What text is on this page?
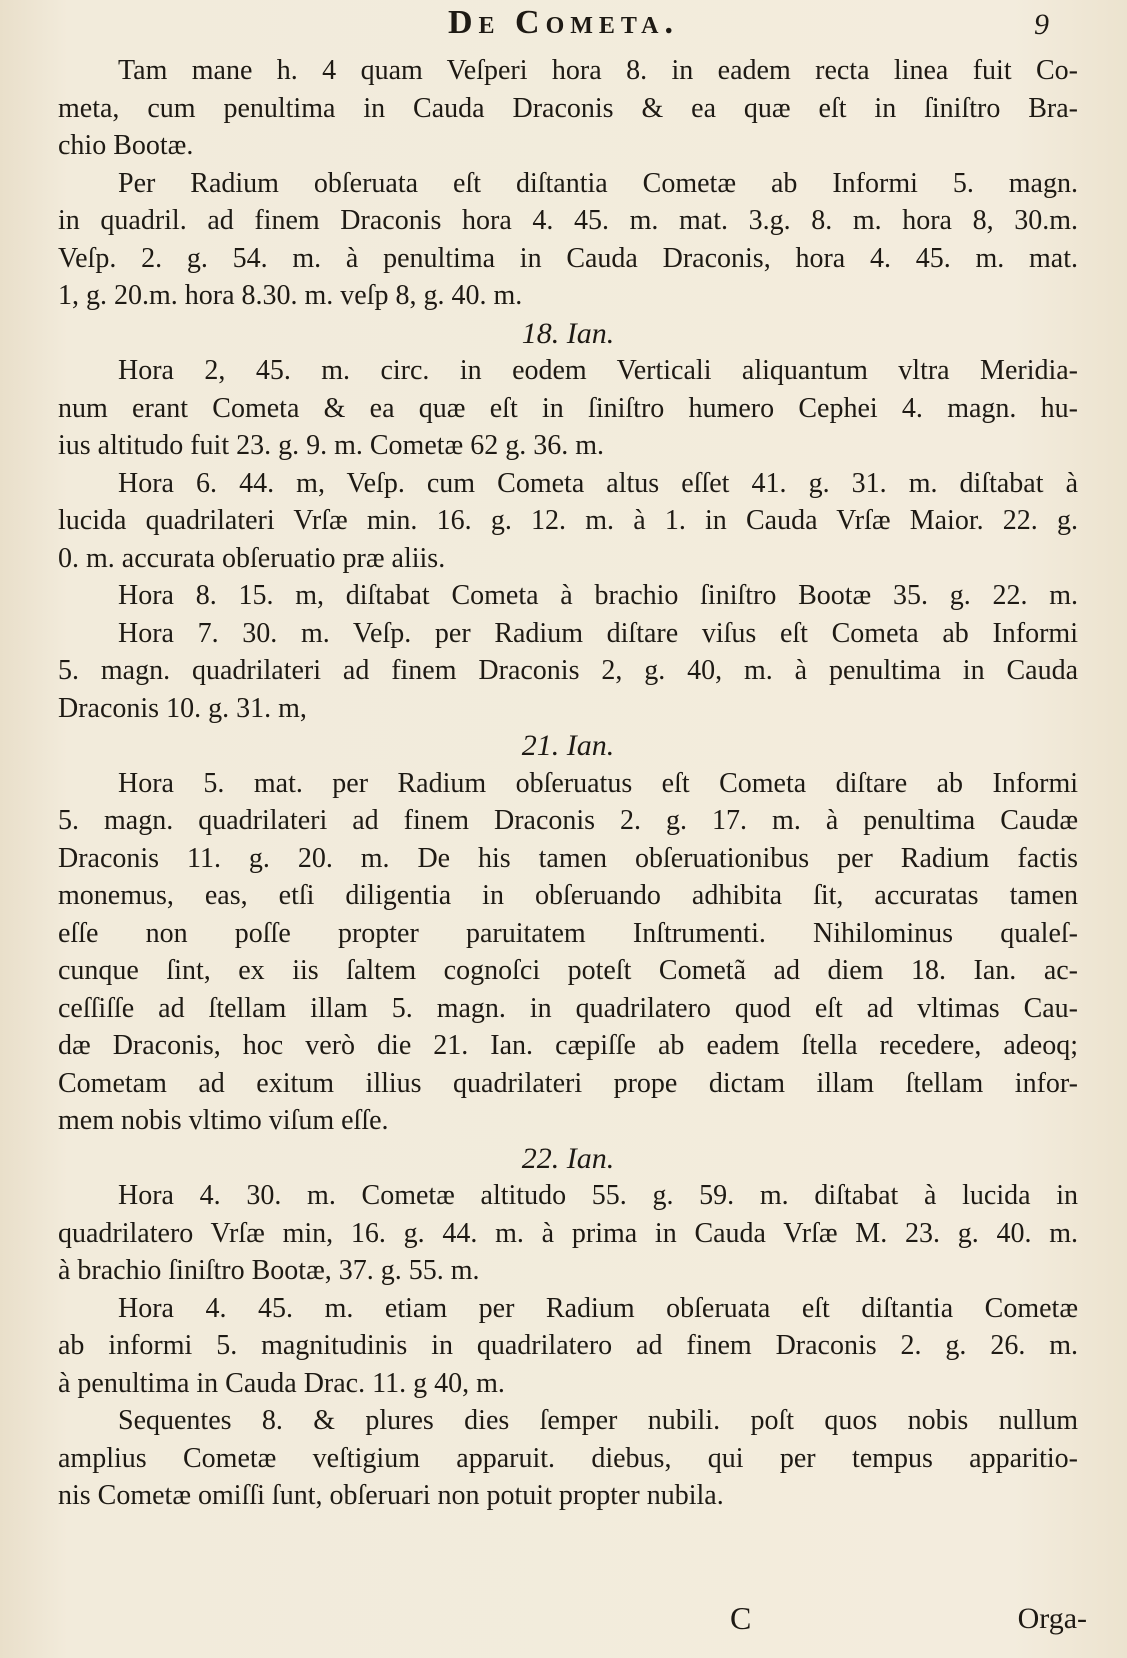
De Cometa.	9
Tam mane h. 4 quam Veſperi hora 8. in eadem recta linea fuit Co-
meta, cum penultima in Cauda Draconis & ea quæ eſt in ſiniſtro Bra-
chio Bootæ.
Per Radium obſeruata eſt diſtantia Cometæ ab Informi 5. magn.
in quadril. ad finem Draconis hora 4. 45. m. mat. 3.g. 8. m. hora 8, 30.m.
Veſp. 2. g. 54. m. à penultima in Cauda Draconis, hora 4. 45. m. mat.
1, g. 20.m. hora 8.30. m. veſp 8, g. 40. m.
18. Ian.
Hora 2, 45. m. circ. in eodem Verticali aliquantum vltra Meridia-
num erant Cometa & ea quæ eſt in ſiniſtro humero Cephei 4. magn. hu-
ius altitudo fuit 23. g. 9. m. Cometæ 62 g. 36. m.
Hora 6. 44. m, Veſp. cum Cometa altus eſſet 41. g. 31. m. diſtabat à
lucida quadrilateri Vrſæ min. 16. g. 12. m. à 1. in Cauda Vrſæ Maior. 22. g.
0. m. accurata obſeruatio præ aliis.
Hora 8. 15. m, diſtabat Cometa à brachio ſiniſtro Bootæ 35. g. 22. m.
Hora 7. 30. m. Veſp. per Radium diſtare viſus eſt Cometa ab Informi
5. magn. quadrilateri ad finem Draconis 2, g. 40, m. à penultima in Cauda
Draconis 10. g. 31. m,
21. Ian.
Hora 5. mat. per Radium obſeruatus eſt Cometa diſtare ab Informi
5. magn. quadrilateri ad finem Draconis 2. g. 17. m. à penultima Caudæ
Draconis 11. g. 20. m. De his tamen obſeruationibus per Radium factis
monemus, eas, etſi diligentia in obſeruando adhibita ſit, accuratas tamen
eſſe non poſſe propter paruitatem Inſtrumenti. Nihilominus qualeſ-
cunque ſint, ex iis ſaltem cognoſci poteſt Cometã ad diem 18. Ian. ac-
ceſſiſſe ad ſtellam illam 5. magn. in quadrilatero quod eſt ad vltimas Cau-
dæ Draconis, hoc verò die 21. Ian. cæpiſſe ab eadem ſtella recedere, adeoq;
Cometam ad exitum illius quadrilateri prope dictam illam ſtellam infor-
mem nobis vltimo viſum eſſe.
22. Ian.
Hora 4. 30. m. Cometæ altitudo 55. g. 59. m. diſtabat à lucida in
quadrilatero Vrſæ min, 16. g. 44. m. à prima in Cauda Vrſæ M. 23. g. 40. m.
à brachio ſiniſtro Bootæ, 37. g. 55. m.
Hora 4. 45. m. etiam per Radium obſeruata eſt diſtantia Cometæ
ab informi 5. magnitudinis in quadrilatero ad finem Draconis 2. g. 26. m.
à penultima in Cauda Drac. 11. g 40, m.
Sequentes 8. & plures dies ſemper nubili. poſt quos nobis nullum
amplius Cometæ veſtigium apparuit. diebus, qui per tempus apparitio-
nis Cometæ omiſſi ſunt, obſeruari non potuit propter nubila.
C	Orga-
